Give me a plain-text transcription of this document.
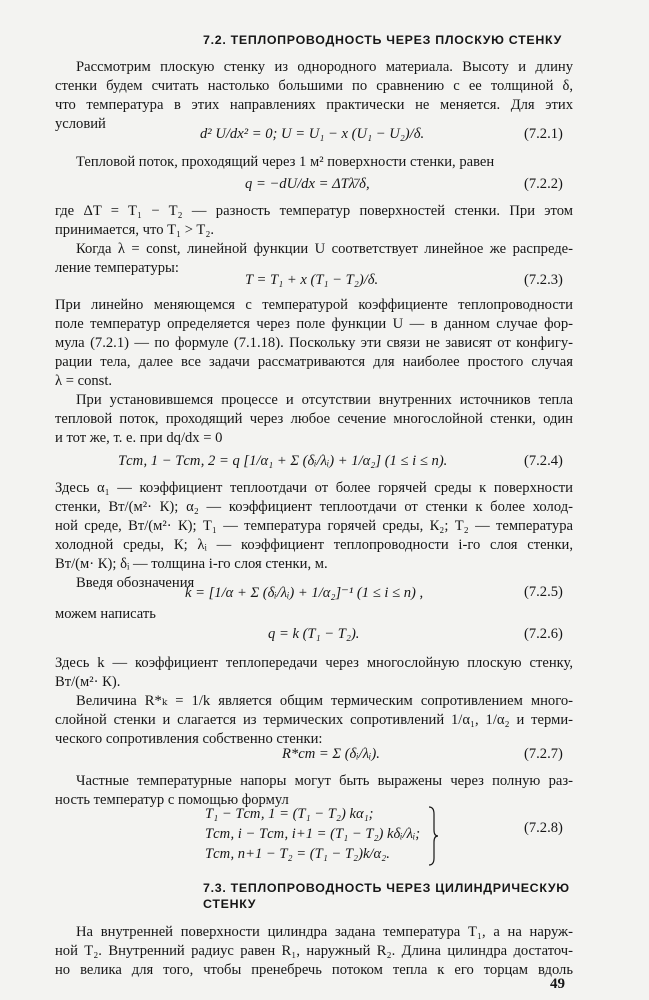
7.2. ТЕПЛОПРОВОДНОСТЬ ЧЕРЕЗ ПЛОСКУЮ СТЕНКУ
Рассмотрим плоскую стенку из однородного материала. Высоту и длину
стенки будем считать настолько большими по сравнению с ее толщиной δ,
что температура в этих направлениях практически не меняется. Для этих
условий
d² U/dx² = 0; U = U₁ − x (U₁ − U₂)/δ.	(7.2.1)
Тепловой поток, проходящий через 1 м² поверхности стенки, равен
q = −dU/dx = ΔTλ̄/δ,	(7.2.2)
где ΔT = T₁ − T₂ — разность температур поверхностей стенки. При этом
принимается, что T₁ > T₂.
Когда λ = const, линейной функции U соответствует линейное же распреде-
ление температуры:
T = T₁ + x (T₁ − T₂)/δ.	(7.2.3)
При линейно меняющемся с температурой коэффициенте теплопроводности
поле температур определяется через поле функции U — в данном случае фор-
мула (7.2.1) — по формуле (7.1.18). Поскольку эти связи не зависят от конфигу-
рации тела, далее все задачи рассматриваются для наиболее простого случая
λ = const.
При установившемся процессе и отсутствии внутренних источников тепла
тепловой поток, проходящий через любое сечение многослойной стенки, один
и тот же, т. е. при dq/dx = 0
Tст, 1 − Tст, 2 = q [1/α₁ + Σ (δᵢ/λᵢ) + 1/α₂] (1 ≤ i ≤ n).	(7.2.4)
Здесь α₁ — коэффициент теплоотдачи от более горячей среды к поверхности
стенки, Вт/(м²· К); α₂ — коэффициент теплоотдачи от стенки к более холод-
ной среде, Вт/(м²· К); T₁ — температура горячей среды, К₂; T₂ — температура
холодной среды, К; λᵢ — коэффициент теплопроводности i-го слоя стенки,
Вт/(м· К); δᵢ — толщина i-го слоя стенки, м.
Введя обозначения
k = [1/α + Σ (δᵢ/λᵢ) + 1/α₂]⁻¹ (1 ≤ i ≤ n) ,	(7.2.5)
можем написать
q = k (T₁ − T₂).	(7.2.6)
Здесь k — коэффициент теплопередачи через многослойную плоскую стенку,
Вт/(м²· К).
Величина R*ₖ = 1/k является общим термическим сопротивлением много-
слойной стенки и слагается из термических сопротивлений 1/α₁, 1/α₂ и терми-
ческого сопротивления собственно стенки:
R*ст = Σ (δᵢ/λᵢ).	(7.2.7)
Частные температурные напоры могут быть выражены через полную раз-
ность температур с помощью формул
T₁ − Tст, 1 = (T₁ − T₂) kα₁;
Tст, i − Tст, i+1 = (T₁ − T₂) kδᵢ/λᵢ;
Tст, n+1 − T₂ = (T₁ − T₂)k/α₂.
(7.2.8)
7.3. ТЕПЛОПРОВОДНОСТЬ ЧЕРЕЗ ЦИЛИНДРИЧЕСКУЮ
СТЕНКУ
На внутренней поверхности цилиндра задана температура T₁, а на наруж-
ной T₂. Внутренний радиус равен R₁, наружный R₂. Длина цилиндра достаточ-
но велика для того, чтобы пренебречь потоком тепла к его торцам вдоль
49
